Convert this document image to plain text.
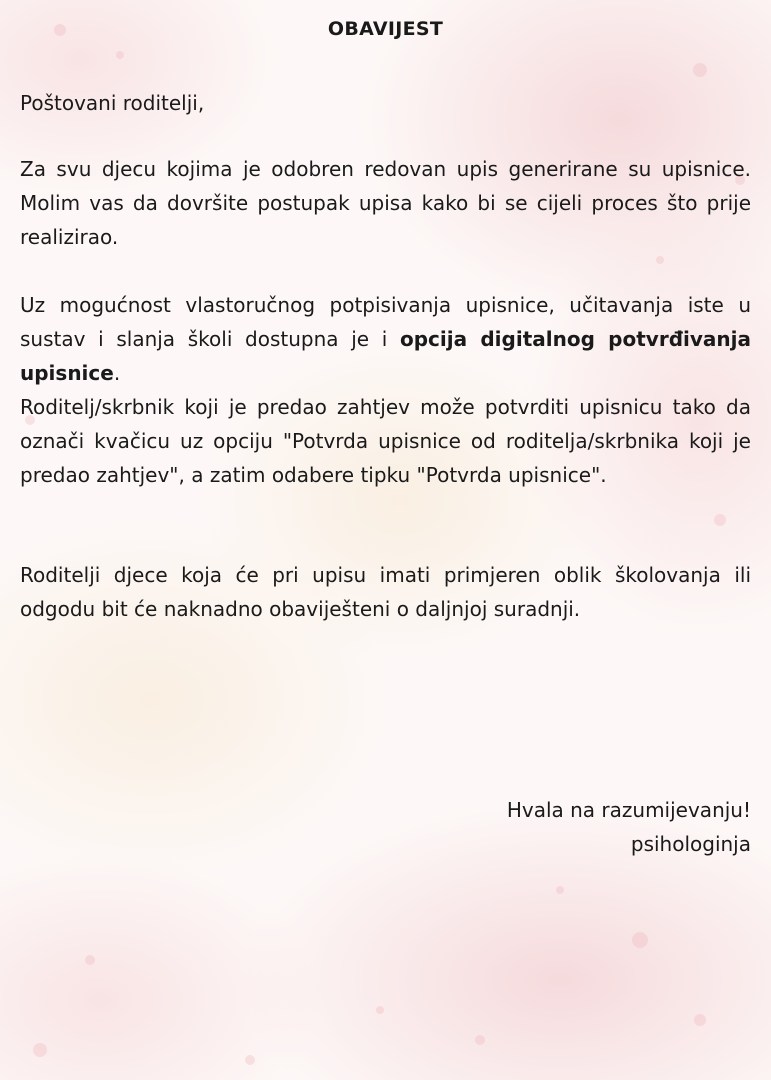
OBAVIJEST
Poštovani roditelji,
Za svu djecu kojima je odobren redovan upis generirane su upisnice. Molim vas da dovršite postupak upisa kako bi se cijeli proces što prije realizirao.
Uz mogućnost vlastoručnog potpisivanja upisnice, učitavanja iste u sustav i slanja školi dostupna je i opcija digitalnog potvrđivanja upisnice.
Roditelj/skrbnik koji je predao zahtjev može potvrditi upisnicu tako da označi kvačicu uz opciju "Potvrda upisnice od roditelja/skrbnika koji je predao zahtjev", a zatim odabere tipku "Potvrda upisnice".
Roditelji djece koja će pri upisu imati primjeren oblik školovanja ili odgodu bit će naknadno obaviješteni o daljnjoj suradnji.
Hvala na razumijevanju!
psihologinja
